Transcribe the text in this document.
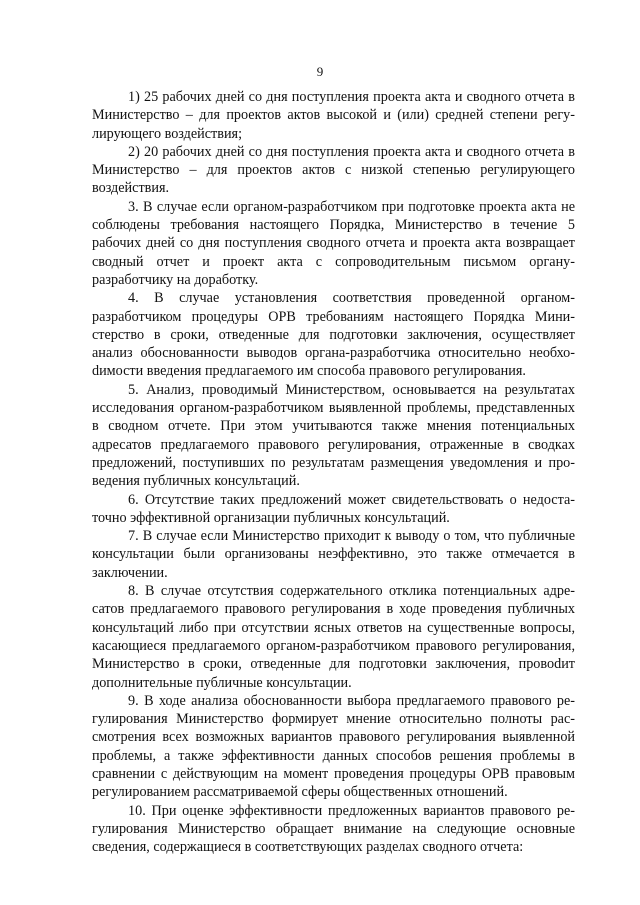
9

1) 25 рабочих дней со дня поступления проекта акта и сводного отчета в Министерство – для проектов актов высокой и (или) средней степени регулирующего воздействия;

2) 20 рабочих дней со дня поступления проекта акта и сводного отчета в Министерство – для проектов актов с низкой степенью регулирующего воздействия.

3. В случае если органом-разработчиком при подготовке проекта акта не соблюдены требования настоящего Порядка, Министерство в течение 5 рабочих дней со дня поступления сводного отчета и проекта акта возвращает сводный отчет и проект акта с сопроводительным письмом органу-разработчику на доработку.

4. В случае установления соответствия проведенной органом-разработчиком процедуры ОРВ требованиям настоящего Порядка Министерство в сроки, отведенные для подготовки заключения, осуществляет анализ обоснованности выводов органа-разработчика относительно необхоdимости введения предлагаемого им способа правового регулирования.

5. Анализ, проводимый Министерством, основывается на результатах исследования органом-разработчиком выявленной проблемы, представленных в сводном отчете. При этом учитываются также мнения потенциальных адресатов предлагаемого правового регулирования, отраженные в сводках предложений, поступивших по результатам размещения уведомления и проведения публичных консультаций.

6. Отсутствие таких предложений может свидетельствовать о недостаточно эффективной организации публичных консультаций.

7. В случае если Министерство приходит к выводу о том, что публичные консультации были организованы неэффективно, это также отмечается в заключении.

8. В случае отсутствия содержательного отклика потенциальных адресатов предлагаемого правового регулирования в ходе проведения публичных консультаций либо при отсутствии ясных ответов на существенные вопросы, касающиеся предлагаемого органом-разработчиком правового регулирования, Министерство в сроки, отведенные для подготовки заключения, провоdит дополнительные публичные консультации.

9. В ходе анализа обоснованности выбора предлагаемого правового регулирования Министерство формирует мнение относительно полноты рассмотрения всех возможных вариантов правового регулирования выявленной проблемы, а также эффективности данных способов решения проблемы в сравнении с действующим на момент проведения процедуры ОРВ правовым регулированием рассматриваемой сферы общественных отношений.

10. При оценке эффективности предложенных вариантов правового регулирования Министерство обращает внимание на следующие основные сведения, содержащиеся в соответствующих разделах сводного отчета:
